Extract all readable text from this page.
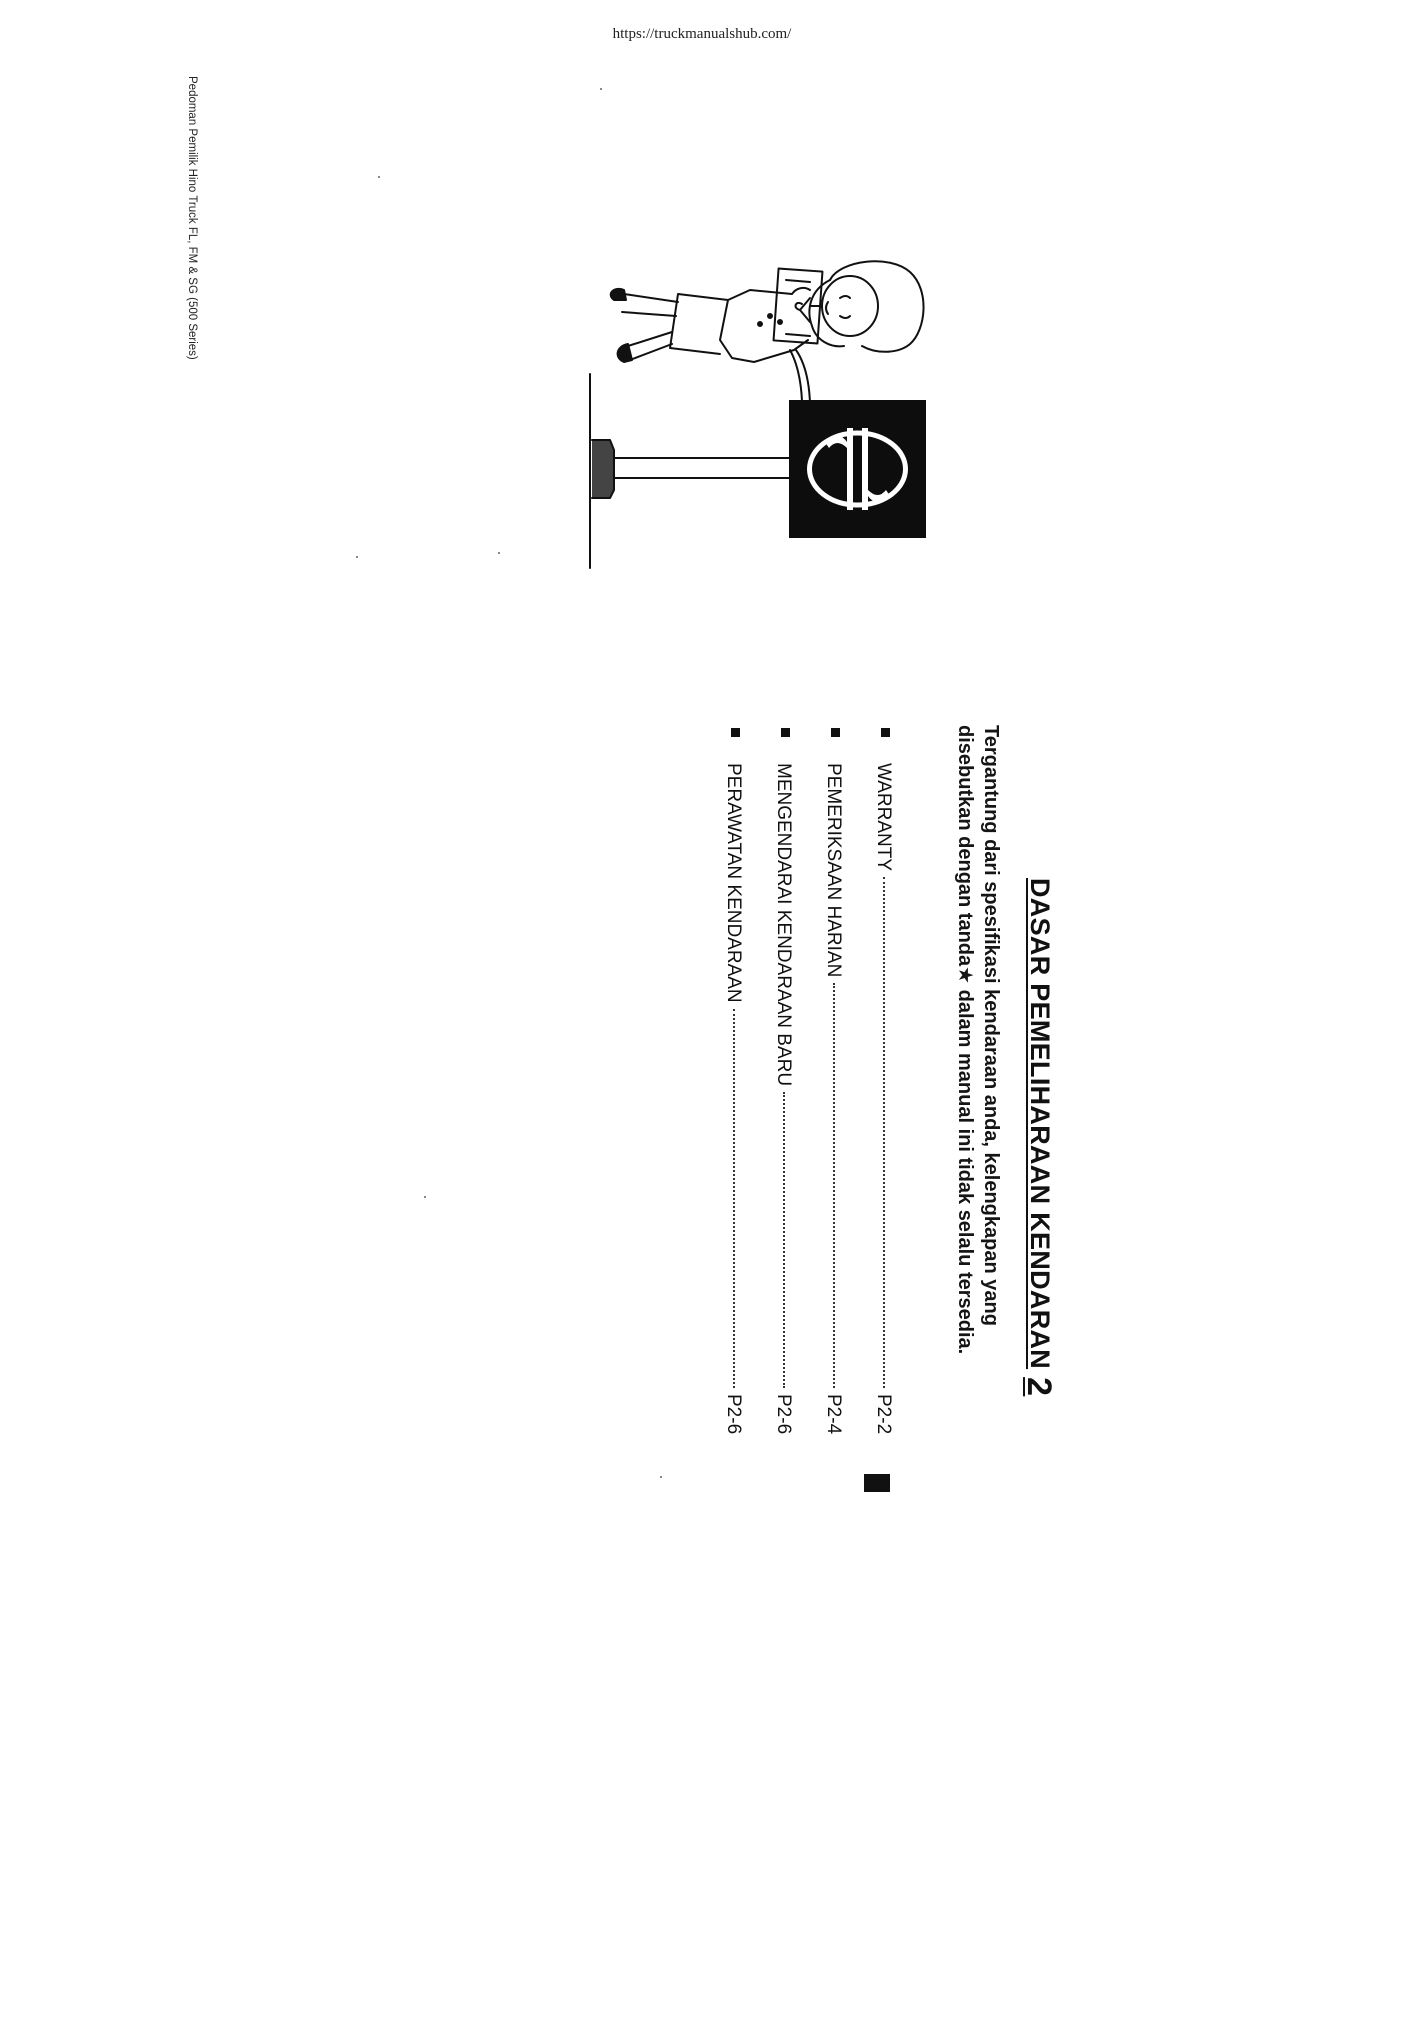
https://truckmanualshub.com/
Pedoman Pemilik Hino Truck FL, FM & SG (500 Series)
DASAR PEMELIHARAAN KENDARAN2
Tergantung dari spesifikasi kendaraan anda, kelengkapan yang
disebutkan dengan tanda★ dalam manual ini tidak selalu tersedia.
WARRANTY
P2-2
PEMERIKSAAN HARIAN
P2-4
MENGENDARAI KENDARAAN BARU
P2-6
PERAWATAN KENDARAAN
P2-6
